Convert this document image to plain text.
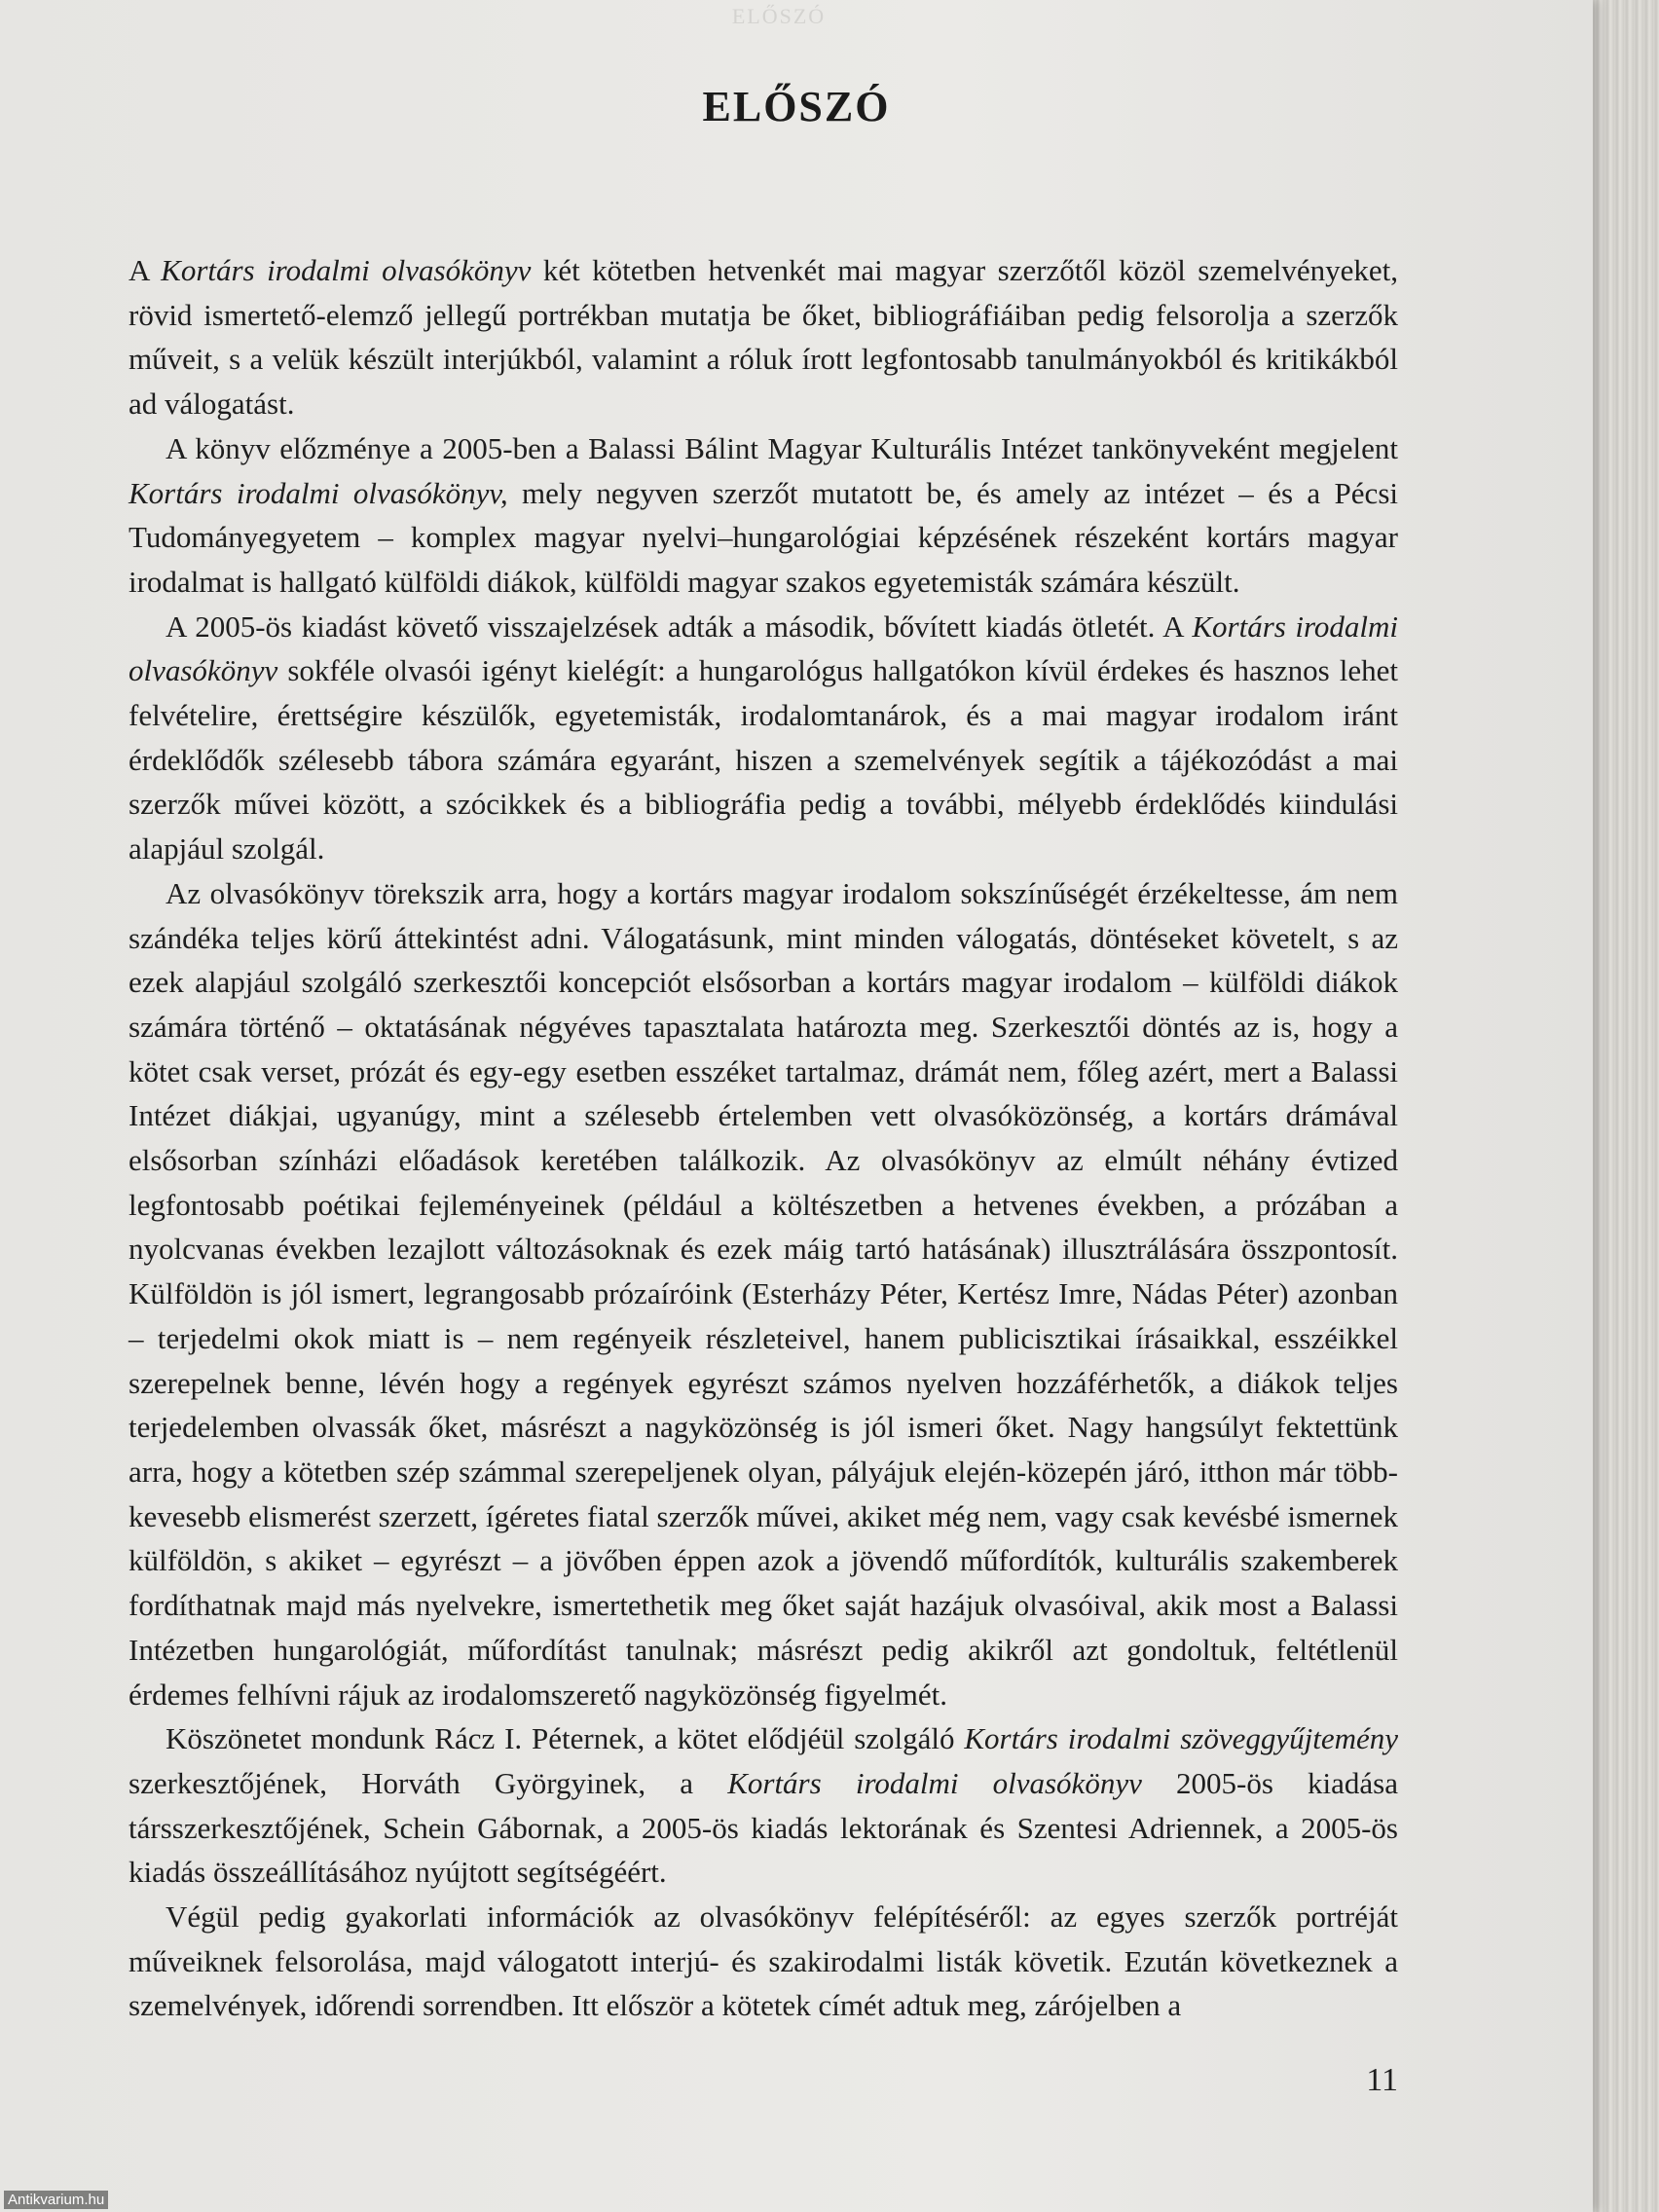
ELŐSZÓ
ELŐSZÓ

A Kortárs irodalmi olvasókönyv két kötetben hetvenkét mai magyar szerzőtől közöl szemelvényeket, rövid ismertető-elemző jellegű portrékban mutatja be őket, bibliográfiáiban pedig felsorolja a szerzők műveit, s a velük készült interjúkból, valamint a róluk írott legfontosabb tanulmányokból és kritikákból ad válogatást.

A könyv előzménye a 2005-ben a Balassi Bálint Magyar Kulturális Intézet tankönyveként megjelent Kortárs irodalmi olvasókönyv, mely negyven szerzőt mutatott be, és amely az intézet – és a Pécsi Tudományegyetem – komplex magyar nyelvi–hungarológiai képzésének részeként kortárs magyar irodalmat is hallgató külföldi diákok, külföldi magyar szakos egyetemisták számára készült.

A 2005-ös kiadást követő visszajelzések adták a második, bővített kiadás ötletét. A Kortárs irodalmi olvasókönyv sokféle olvasói igényt kielégít: a hungarológus hallgatókon kívül érdekes és hasznos lehet felvételire, érettségire készülők, egyetemisták, irodalomtanárok, és a mai magyar irodalom iránt érdeklődők szélesebb tábora számára egyaránt, hiszen a szemelvények segítik a tájékozódást a mai szerzők művei között, a szócikkek és a bibliográfia pedig a további, mélyebb érdeklődés kiindulási alapjául szolgál.

Az olvasókönyv törekszik arra, hogy a kortárs magyar irodalom sokszínűségét érzékeltesse, ám nem szándéka teljes körű áttekintést adni. Válogatásunk, mint minden válogatás, döntéseket követelt, s az ezek alapjául szolgáló szerkesztői koncepciót elsősorban a kortárs magyar irodalom – külföldi diákok számára történő – oktatásának négyéves tapasztalata határozta meg. Szerkesztői döntés az is, hogy a kötet csak verset, prózát és egy-egy esetben esszéket tartalmaz, drámát nem, főleg azért, mert a Balassi Intézet diákjai, ugyanúgy, mint a szélesebb értelemben vett olvasóközönség, a kortárs drámával elsősorban színházi előadások keretében találkozik. Az olvasókönyv az elmúlt néhány évtized legfontosabb poétikai fejleményeinek (például a költészetben a hetvenes években, a prózában a nyolcvanas években lezajlott változásoknak és ezek máig tartó hatásának) illusztrálására összpontosít. Külföldön is jól ismert, legrangosabb prózaíróink (Esterházy Péter, Kertész Imre, Nádas Péter) azonban – terjedelmi okok miatt is – nem regényeik részleteivel, hanem publicisztikai írásaikkal, esszéikkel szerepelnek benne, lévén hogy a regények egyrészt számos nyelven hozzáférhetők, a diákok teljes terjedelemben olvassák őket, másrészt a nagyközönség is jól ismeri őket. Nagy hangsúlyt fektettünk arra, hogy a kötetben szép számmal szerepeljenek olyan, pályájuk elején-közepén járó, itthon már több-kevesebb elismerést szerzett, ígéretes fiatal szerzők művei, akiket még nem, vagy csak kevésbé ismernek külföldön, s akiket – egyrészt – a jövőben éppen azok a jövendő műfordítók, kulturális szakemberek fordíthatnak majd más nyelvekre, ismertethetik meg őket saját hazájuk olvasóival, akik most a Balassi Intézetben hungarológiát, műfordítást tanulnak; másrészt pedig akikről azt gondoltuk, feltétlenül érdemes felhívni rájuk az irodalomszerető nagyközönség figyelmét.

Köszönetet mondunk Rácz I. Péternek, a kötet elődjéül szolgáló Kortárs irodalmi szöveggyűjtemény szerkesztőjének, Horváth Györgyinek, a Kortárs irodalmi olvasókönyv 2005-ös kiadása társszerkesztőjének, Schein Gábornak, a 2005-ös kiadás lektorának és Szentesi Adriennek, a 2005-ös kiadás összeállításához nyújtott segítségéért.

Végül pedig gyakorlati információk az olvasókönyv felépítéséről: az egyes szerzők portréját műveiknek felsorolása, majd válogatott interjú- és szakirodalmi listák követik. Ezután következnek a szemelvények, időrendi sorrendben. Itt először a kötetek címét adtuk meg, zárójelben a

11
Antikvarium.hu
